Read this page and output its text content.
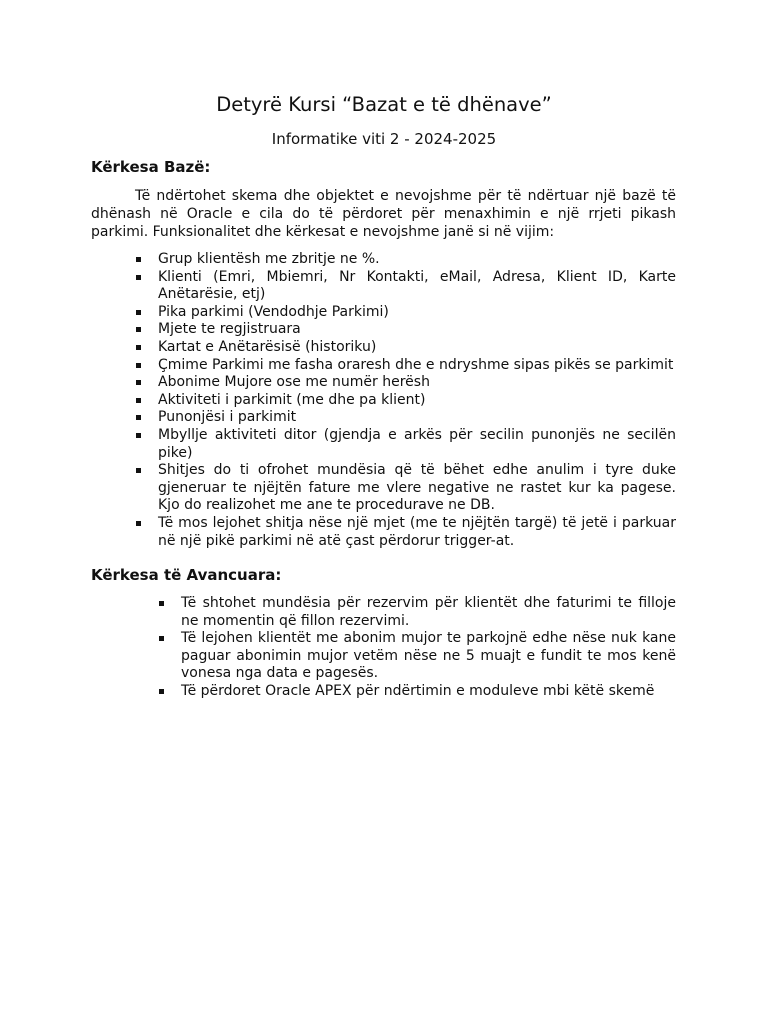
Detyrë Kursi “Bazat e të dhënave”
Informatike viti 2 - 2024-2025
Kërkesa Bazë:

Të ndërtohet skema dhe objektet e nevojshme për të ndërtuar një bazë të dhënash në Oracle e cila do të përdoret për menaxhimin e një rrjeti pikash parkimi. Funksionalitet dhe kërkesat e nevojshme janë si në vijim:

Grup klientësh me zbritje ne %.
Klienti (Emri, Mbiemri, Nr Kontakti, eMail, Adresa, Klient ID, Karte Anëtarësie, etj)
Pika parkimi (Vendodhje Parkimi)
Mjete te regjistruara
Kartat e Anëtarësisë (historiku)
Çmime Parkimi me fasha oraresh dhe e ndryshme sipas pikës se parkimit
Abonime Mujore ose me numër herësh
Aktiviteti i parkimit (me dhe pa klient)
Punonjësi i parkimit
Mbyllje aktiviteti ditor (gjendja e arkës për secilin punonjës ne secilën pike)
Shitjes do ti ofrohet mundësia që të bëhet edhe anulim i tyre duke gjeneruar te njëjtën fature me vlere negative ne rastet kur ka pagese. Kjo do realizohet me ane te procedurave ne DB.
Të mos lejohet shitja nëse një mjet (me te njëjtën targë) të jetë i parkuar në një pikë parkimi në atë çast përdorur trigger-at.
Kërkesa të Avancuara:
Të shtohet mundësia për rezervim për klientët dhe faturimi te filloje ne momentin që fillon rezervimi.
Të lejohen klientët me abonim mujor te parkojnë edhe nëse nuk kane paguar abonimin mujor vetëm nëse ne 5 muajt e fundit te mos kenë vonesa nga data e pagesës.
Të përdoret Oracle APEX për ndërtimin e moduleve mbi këtë skemë
